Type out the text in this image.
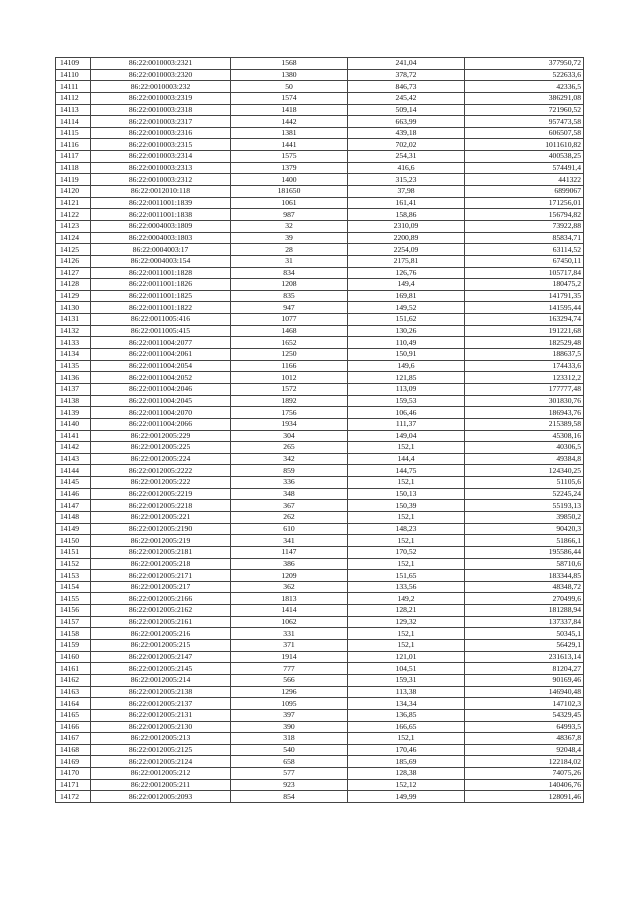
14109	86:22:0010003:2321	1568	241,04	377950,72
14110	86:22:0010003:2320	1380	378,72	522633,6
14111	86:22:0010003:232	50	846,73	42336,5
14112	86:22:0010003:2319	1574	245,42	386291,08
14113	86:22:0010003:2318	1418	509,14	721960,52
14114	86:22:0010003:2317	1442	663,99	957473,58
14115	86:22:0010003:2316	1381	439,18	606507,58
14116	86:22:0010003:2315	1441	702,02	1011610,82
14117	86:22:0010003:2314	1575	254,31	400538,25
14118	86:22:0010003:2313	1379	416,6	574491,4
14119	86:22:0010003:2312	1400	315,23	441322
14120	86:22:0012010:118	181650	37,98	6899067
14121	86:22:0011001:1839	1061	161,41	171256,01
14122	86:22:0011001:1838	987	158,86	156794,82
14123	86:22:0004003:1809	32	2310,09	73922,88
14124	86:22:0004003:1803	39	2200,89	85834,71
14125	86:22:0004003:17	28	2254,09	63114,52
14126	86:22:0004003:154	31	2175,81	67450,11
14127	86:22:0011001:1828	834	126,76	105717,84
14128	86:22:0011001:1826	1208	149,4	180475,2
14129	86:22:0011001:1825	835	169,81	141791,35
14130	86:22:0011001:1822	947	149,52	141595,44
14131	86:22:0011005:416	1077	151,62	163294,74
14132	86:22:0011005:415	1468	130,26	191221,68
14133	86:22:0011004:2077	1652	110,49	182529,48
14134	86:22:0011004:2061	1250	150,91	188637,5
14135	86:22:0011004:2054	1166	149,6	174433,6
14136	86:22:0011004:2052	1012	121,85	123312,2
14137	86:22:0011004:2046	1572	113,09	177777,48
14138	86:22:0011004:2045	1892	159,53	301830,76
14139	86:22:0011004:2070	1756	106,46	186943,76
14140	86:22:0011004:2066	1934	111,37	215389,58
14141	86:22:0012005:229	304	149,04	45308,16
14142	86:22:0012005:225	265	152,1	40306,5
14143	86:22:0012005:224	342	144,4	49384,8
14144	86:22:0012005:2222	859	144,75	124340,25
14145	86:22:0012005:222	336	152,1	51105,6
14146	86:22:0012005:2219	348	150,13	52245,24
14147	86:22:0012005:2218	367	150,39	55193,13
14148	86:22:0012005:221	262	152,1	39850,2
14149	86:22:0012005:2190	610	148,23	90420,3
14150	86:22:0012005:219	341	152,1	51866,1
14151	86:22:0012005:2181	1147	170,52	195586,44
14152	86:22:0012005:218	386	152,1	58710,6
14153	86:22:0012005:2171	1209	151,65	183344,85
14154	86:22:0012005:217	362	133,56	48348,72
14155	86:22:0012005:2166	1813	149,2	270499,6
14156	86:22:0012005:2162	1414	128,21	181288,94
14157	86:22:0012005:2161	1062	129,32	137337,84
14158	86:22:0012005:216	331	152,1	50345,1
14159	86:22:0012005:215	371	152,1	56429,1
14160	86:22:0012005:2147	1914	121,01	231613,14
14161	86:22:0012005:2145	777	104,51	81204,27
14162	86:22:0012005:214	566	159,31	90169,46
14163	86:22:0012005:2138	1296	113,38	146940,48
14164	86:22:0012005:2137	1095	134,34	147102,3
14165	86:22:0012005:2131	397	136,85	54329,45
14166	86:22:0012005:2130	390	166,65	64993,5
14167	86:22:0012005:213	318	152,1	48367,8
14168	86:22:0012005:2125	540	170,46	92048,4
14169	86:22:0012005:2124	658	185,69	122184,02
14170	86:22:0012005:212	577	128,38	74075,26
14171	86:22:0012005:211	923	152,12	140406,76
14172	86:22:0012005:2093	854	149,99	128091,46
